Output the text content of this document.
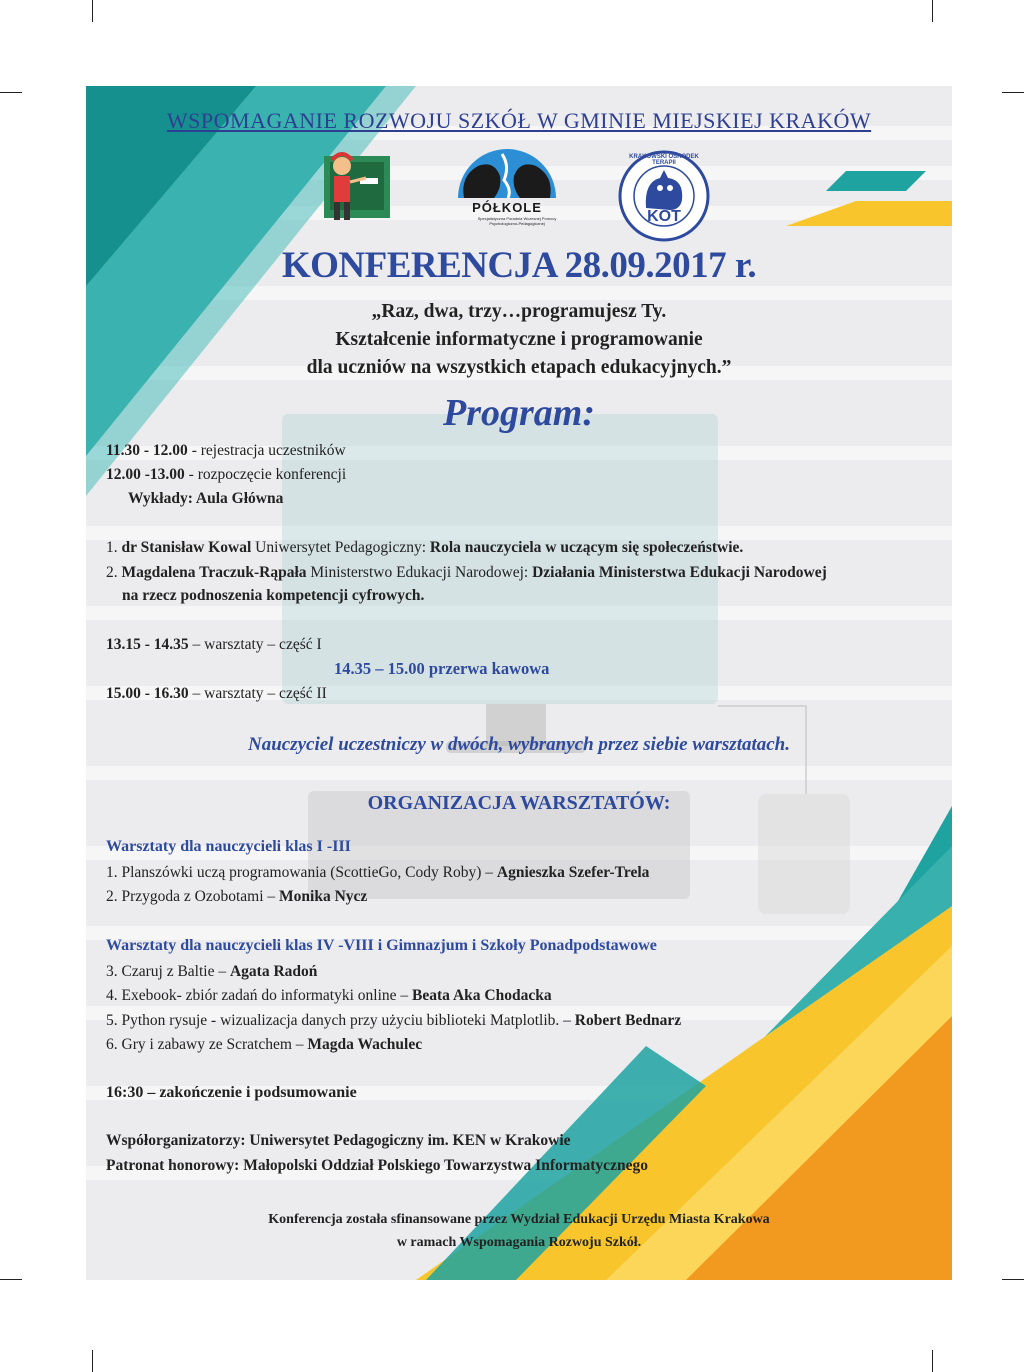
WSPOMAGANIE ROZWOJU SZKÓŁ W GMINIE MIEJSKIEJ KRAKÓW
PÓŁKOLE
Specjalistyczna Poradnia Wczesnej Pomocy Psychologiczno-Pedagogicznej
KRAKOWSKI OŚRODEK TERAPII
KOT
KONFERENCJA 28.09.2017 r.
„Raz, dwa, trzy…programujesz Ty.
Kształcenie informatyczne i programowanie
dla uczniów na wszystkich etapach edukacyjnych.”
Program:
11.30 - 12.00 - rejestracja uczestników
12.00 -13.00 - rozpoczęcie konferencji
Wykłady: Aula Główna
1. dr Stanisław Kowal Uniwersytet Pedagogiczny: Rola nauczyciela w uczącym się społeczeństwie.
2. Magdalena Traczuk-Rąpała Ministerstwo Edukacji Narodowej: Działania Ministerstwa Edukacji Narodowej
na rzecz podnoszenia kompetencji cyfrowych.
13.15 - 14.35 – warsztaty – część I
14.35 – 15.00 przerwa kawowa
15.00 - 16.30 – warsztaty – część II
Nauczyciel uczestniczy w dwóch, wybranych przez siebie warsztatach.
ORGANIZACJA WARSZTATÓW:
Warsztaty dla nauczycieli klas I -III
1. Planszówki uczą programowania (ScottieGo, Cody Roby) – Agnieszka Szefer-Trela
2. Przygoda z Ozobotami – Monika Nycz
Warsztaty dla nauczycieli klas IV -VIII i Gimnazjum i Szkoły Ponadpodstawowe
3. Czaruj z Baltie – Agata Radoń
4. Exebook- zbiór zadań do informatyki online – Beata Aka Chodacka
5. Python rysuje - wizualizacja danych przy użyciu biblioteki Matplotlib. – Robert Bednarz
6. Gry i zabawy ze Scratchem – Magda Wachulec
16:30 – zakończenie i podsumowanie
Współorganizatorzy: Uniwersytet Pedagogiczny im. KEN w Krakowie
Patronat honorowy: Małopolski Oddział Polskiego Towarzystwa Informatycznego
Konferencja została sfinansowane przez Wydział Edukacji Urzędu Miasta Krakowa
w ramach Wspomagania Rozwoju Szkół.
